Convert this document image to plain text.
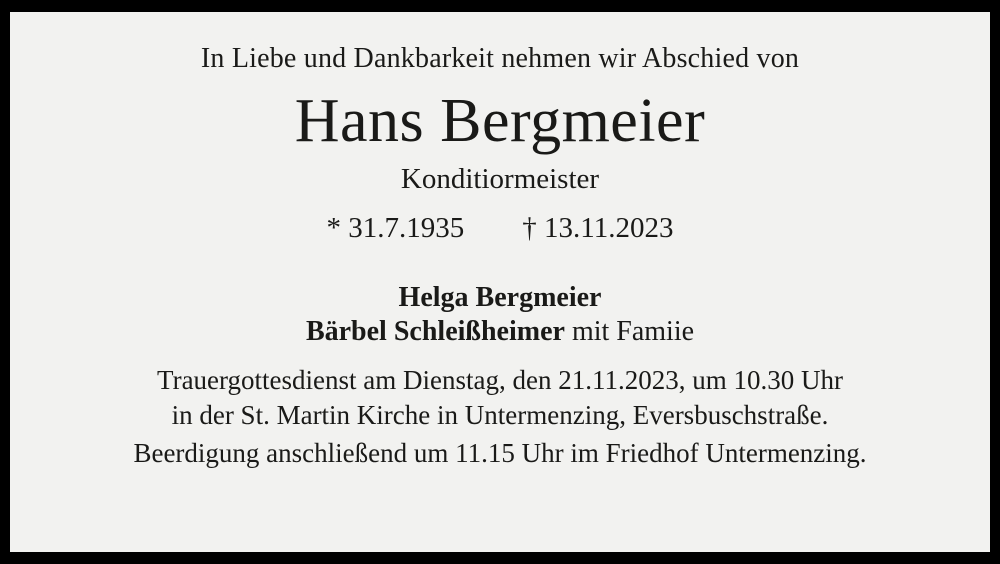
In Liebe und Dankbarkeit nehmen wir Abschied von
Hans Bergmeier
Konditiormeister
* 31.7.1935 † 13.11.2023
Helga Bergmeier
Bärbel Schleißheimer mit Famiie
Trauergottesdienst am Dienstag, den 21.11.2023, um 10.30 Uhr
in der St. Martin Kirche in Untermenzing, Eversbuschstraße.
Beerdigung anschließend um 11.15 Uhr im Friedhof Untermenzing.
